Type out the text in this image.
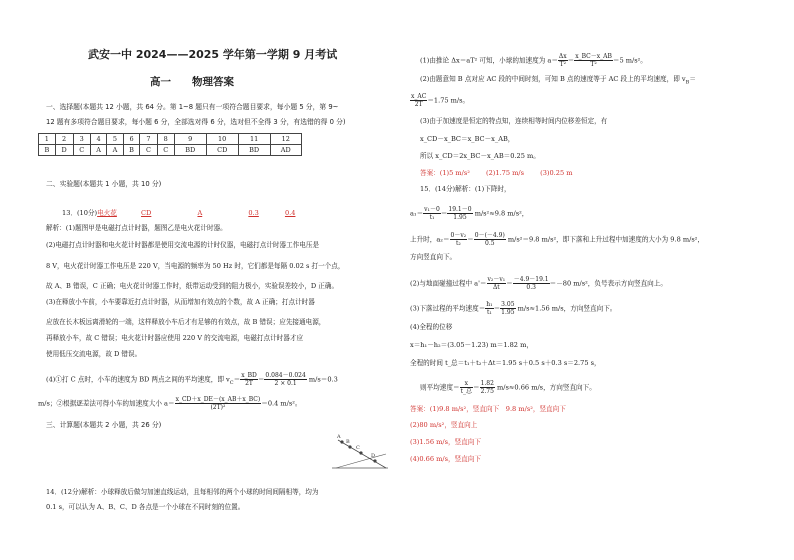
武安一中 2024——2025 学年第一学期 9 月考试
高一　　物理答案
一、选择题(本题共 12 小题，共 64 分。第 1~8 题只有一项符合题目要求，每小题 5 分，第 9~
12 题有多项符合题目要求，每小题 6 分，全部选对得 6 分，选对但不全得 3 分，有选错的得 0 分)
1	2	3	4	5	6	7	8	9	10	11	12
B	D	C	A	A	B	C	C	BD	CD	BD	AD
二、实验题(本题共 1 小题，共 10 分)
13．(10分)电火花	CD	A	0.3	0.4
解析：(1)题图甲是电磁打点计时器，题图乙是电火花计时器。
(2)电磁打点计时器和电火花计时器都是使用交流电源的计时仪器，电磁打点计时器工作电压是
8 V，电火花计时器工作电压是 220 V，当电源的频率为 50 Hz 时，它们都是每隔 0.02 s 打一个点，
故 A、B 错误，C 正确；电火花计时器工作时，纸带运动受到的阻力极小，实验误差较小，D 正确。
(3)在释放小车前，小车要靠近打点计时器，从而增加有效点的个数，故 A 正确；打点计时器
应放在长木板远离滑轮的一端，这样释放小车后才有足够的有效点，故 B 错误；应先接通电源，
再释放小车，故 C 错误；电火花计时器应使用 220 V 的交流电源，电磁打点计时器才应
使用低压交流电源，故 D 错误。
(4)①打 C 点时，小车的速度为 BD 两点之间的平均速度，即 $v_C= \frac{x\_BD}{2T} = \frac{0.084-0.024}{2 \times 0.1} m/s=0.3$
m/s；②根据逐差法可得小车的加速度大小 $a= \frac{x\_CD+x\_DE-(x\_AB+x\_BC)}{\text{(2T)²}} =0.4$ m/s²。
三、计算题(本题共 2 小题，共 26 分)
A
B
C
D
14．(12分)解析：小球释放后做匀加速直线运动，且每相邻的两个小球的时间间隔相等，均为
0.1 s，可以认为 A、B、C、D 各点是一个小球在不同时刻的位置。
(1)由推论 Δx＝aT² 可知，小球的加速度为 $a= \frac{\Delta x}{\text{T²}} = \frac{x\_BC-x\_AB}{\text{T²}} =5$ m/s²。
(2)由题意知 B 点对应 AC 段的中间时刻，可知 B 点的速度等于 AC 段上的平均速度，即 $v_B=$
$\frac{x\_AC}{2T} =1.75$ m/s。
(3)由于加速度是恒定的特点知，连续相等时间内位移差恒定，有
x_CD－x_BC＝x_BC－x_AB，
所以 x_CD＝2x_BC－x_AB＝0.25 m。
答案：(1)5 m/s² (2)1.75 m/s (3)0.25 m
15．(14分)解析：(1)下降时，
$a_1= \frac{\text{v₁－0}}{\text{t₁}} = \frac{19.1-0}{1.95} m/s^2\approx 9.8$ m/s²，
上升时，$a_2= \frac{\text{0－v₂}}{\text{t₂}} = \frac{0-(-4.9)}{0.5} m/s^2=9.8$ m/s²，即下落和上升过程中加速度的大小为 9.8 m/s²，
方向竖直向下。
(2)与地面碰撞过程中 $a'= \frac{\text{v₂－v₁}}{\Delta t} = \frac{-4.9-19.1}{0.3} =-80$ m/s²，负号表示方向竖直向上。
(3)下落过程的平均速度＝ $\frac{\text{h₁}}{\text{t₁}} = \frac{3.05}{1.95} m/s\approx 1.56$ m/s，方向竖直向下。
(4)全程的位移
x＝h₁－h₂＝(3.05－1.23) m＝1.82 m，
全程的时间 t_总＝t₁＋t₂＋Δt＝1.95 s＋0.5 s＋0.3 s＝2.75 s，
则平均速度＝ $\frac{x}{\text{t\_总}} = \frac{1.82}{2.75} m/s\approx 0.66$ m/s，方向竖直向下。
答案：(1)9.8 m/s²，竖直向下　9.8 m/s²，竖直向下
(2)80 m/s²，竖直向上
(3)1.56 m/s，竖直向下
(4)0.66 m/s，竖直向下
